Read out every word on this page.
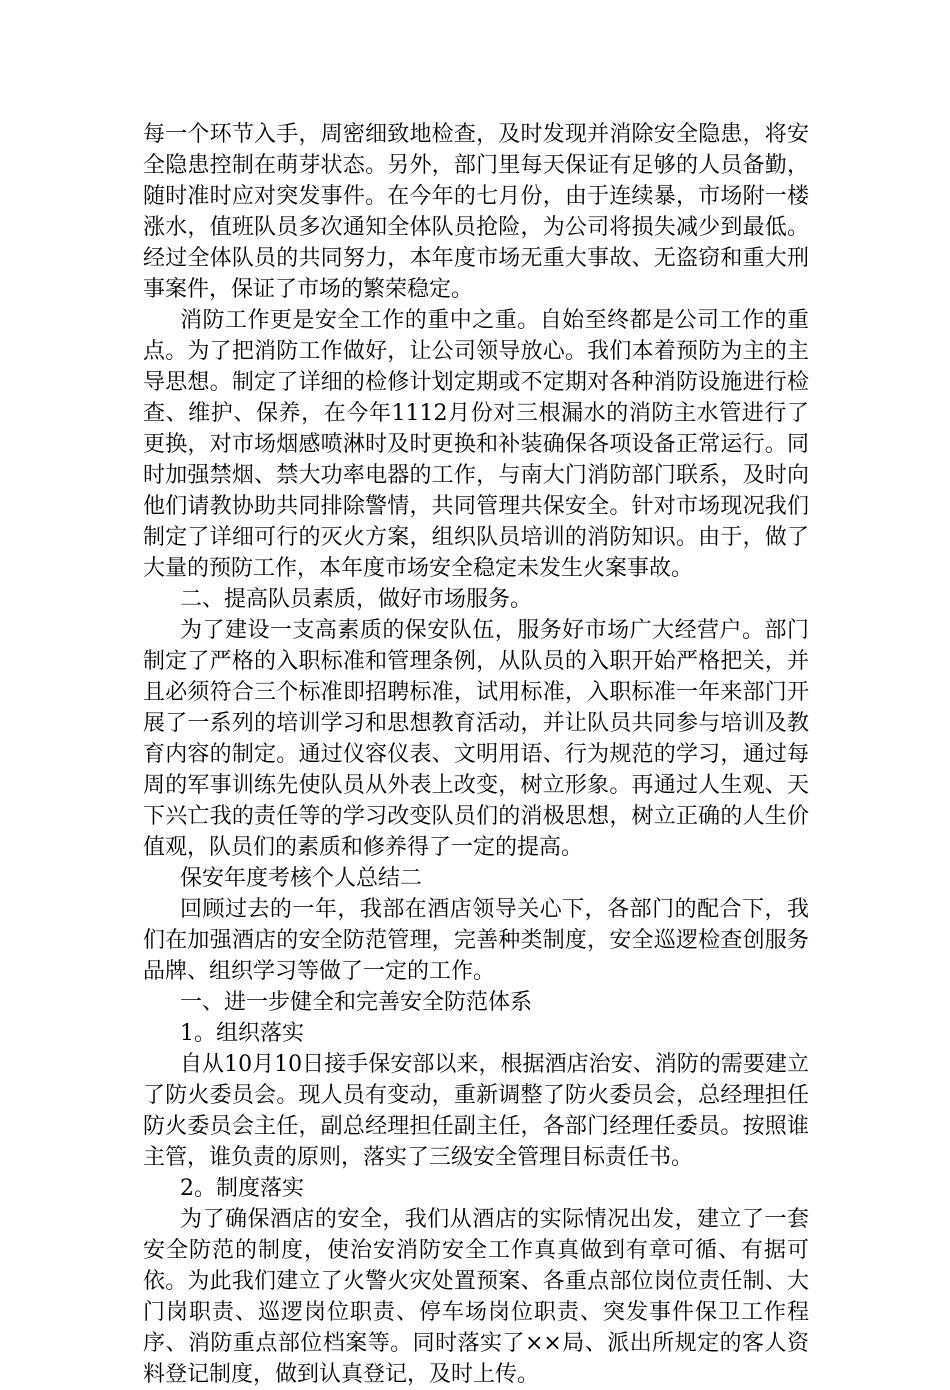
每一个环节入手，周密细致地检查，及时发现并消除安全隐患，将安全隐患控制在萌芽状态。另外，部门里每天保证有足够的人员备勤，随时准时应对突发事件。在今年的七月份，由于连续暴，市场附一楼涨水，值班队员多次通知全体队员抢险，为公司将损失减少到最低。经过全体队员的共同努力，本年度市场无重大事故、无盗窃和重大刑事案件，保证了市场的繁荣稳定。

消防工作更是安全工作的重中之重。自始至终都是公司工作的重点。为了把消防工作做好，让公司领导放心。我们本着预防为主的主导思想。制定了详细的检修计划定期或不定期对各种消防设施进行检查、维护、保养，在今年1112月份对三根漏水的消防主水管进行了更换，对市场烟感喷淋时及时更换和补装确保各项设备正常运行。同时加强禁烟、禁大功率电器的工作，与南大门消防部门联系，及时向他们请教协助共同排除警情，共同管理共保安全。针对市场现况我们制定了详细可行的灭火方案，组织队员培训的消防知识。由于，做了大量的预防工作，本年度市场安全稳定未发生火案事故。

二、提高队员素质，做好市场服务。

为了建设一支高素质的保安队伍，服务好市场广大经营户。部门制定了严格的入职标准和管理条例，从队员的入职开始严格把关，并且必须符合三个标准即招聘标准，试用标准，入职标准一年来部门开展了一系列的培训学习和思想教育活动，并让队员共同参与培训及教育内容的制定。通过仪容仪表、文明用语、行为规范的学习，通过每周的军事训练先使队员从外表上改变，树立形象。再通过人生观、天下兴亡我的责任等的学习改变队员们的消极思想，树立正确的人生价值观，队员们的素质和修养得了一定的提高。

保安年度考核个人总结二

回顾过去的一年，我部在酒店领导关心下，各部门的配合下，我们在加强酒店的安全防范管理，完善种类制度，安全巡逻检查创服务品牌、组织学习等做了一定的工作。

一、进一步健全和完善安全防范体系

1。组织落实

自从10月10日接手保安部以来，根据酒店治安、消防的需要建立了防火委员会。现人员有变动，重新调整了防火委员会，总经理担任防火委员会主任，副总经理担任副主任，各部门经理任委员。按照谁主管，谁负责的原则，落实了三级安全管理目标责任书。

2。制度落实

为了确保酒店的安全，我们从酒店的实际情况出发，建立了一套安全防范的制度，使治安消防安全工作真真做到有章可循、有据可依。为此我们建立了火警火灾处置预案、各重点部位岗位责任制、大门岗职责、巡逻岗位职责、停车场岗位职责、突发事件保卫工作程序、消防重点部位档案等。同时落实了××局、派出所规定的客人资料登记制度，做到认真登记，及时上传。
